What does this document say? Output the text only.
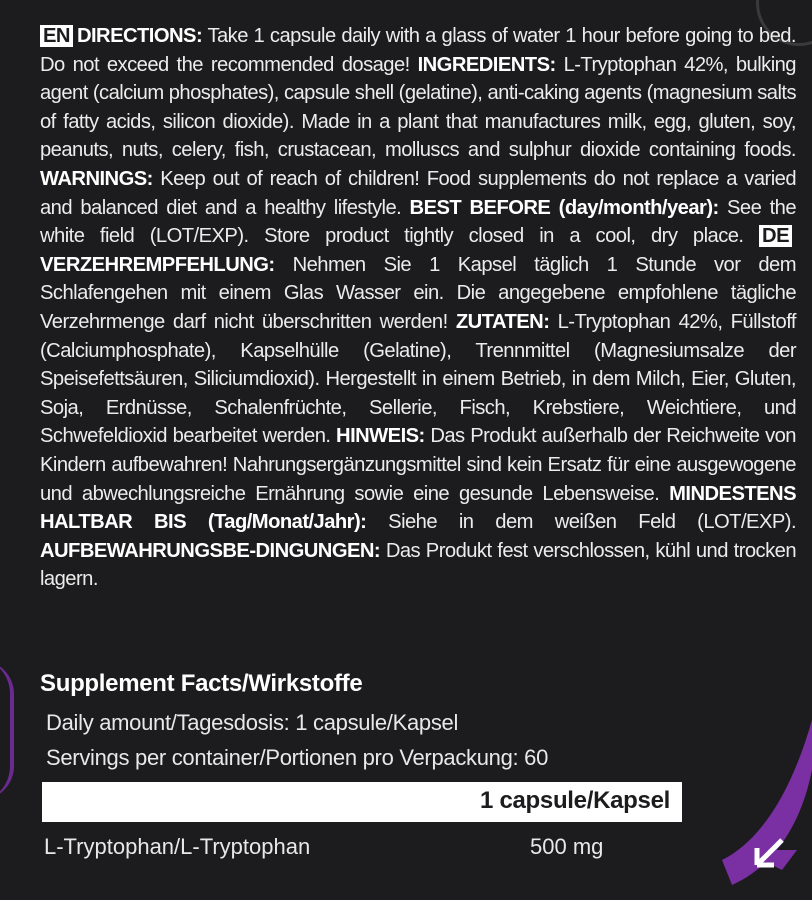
EN DIRECTIONS: Take 1 capsule daily with a glass of water 1 hour before going to bed. Do not exceed the recommended dosage! INGREDIENTS: L-Tryptophan 42%, bulking agent (calcium phosphates), capsule shell (gelatine), anti-caking agents (magnesium salts of fatty acids, silicon dioxide). Made in a plant that manufactures milk, egg, gluten, soy, peanuts, nuts, celery, fish, crustacean, molluscs and sulphur dioxide containing foods. WARNINGS: Keep out of reach of children! Food supplements do not replace a varied and balanced diet and a healthy lifestyle. BEST BEFORE (day/month/year): See the white field (LOT/EXP). Store product tightly closed in a cool, dry place. DEVERZEHREMPFEHLUNG: Nehmen Sie 1 Kapsel täglich 1 Stunde vor dem Schlafengehen mit einem Glas Wasser ein. Die angegebene empfohlene tägliche Verzehrmenge darf nicht überschritten werden! ZUTATEN: L-Tryptophan 42%, Füllstoff (Calciumphosphate), Kapselhülle (Gelatine), Trennmittel (Magnesiumsalze der Speisefettsäuren, Siliciumdioxid). Hergestellt in einem Betrieb, in dem Milch, Eier, Gluten, Soja, Erdnüsse, Schalenfrüchte, Sellerie, Fisch, Krebstiere, Weichtiere, und Schwefeldioxid bearbeitet werden. HINWEIS: Das Produkt außerhalb der Reichweite von Kindern aufbewahren! Nahrungsergänzungsmittel sind kein Ersatz für eine ausgewogene und abwechlungsreiche Ernährung sowie eine gesunde Lebensweise. MINDESTENS HALTBAR BIS (Tag/Monat/Jahr): Siehe in dem weißen Feld (LOT/EXP). AUFBEWAHRUNGSBE-DINGUNGEN: Das Produkt fest verschlossen, kühl und trocken lagern.
Supplement Facts/Wirkstoffe
Daily amount/Tagesdosis: 1 capsule/Kapsel
Servings per container/Portionen pro Verpackung: 60
1 capsule/Kapsel
L-Tryptophan/L-Tryptophan	500 mg
